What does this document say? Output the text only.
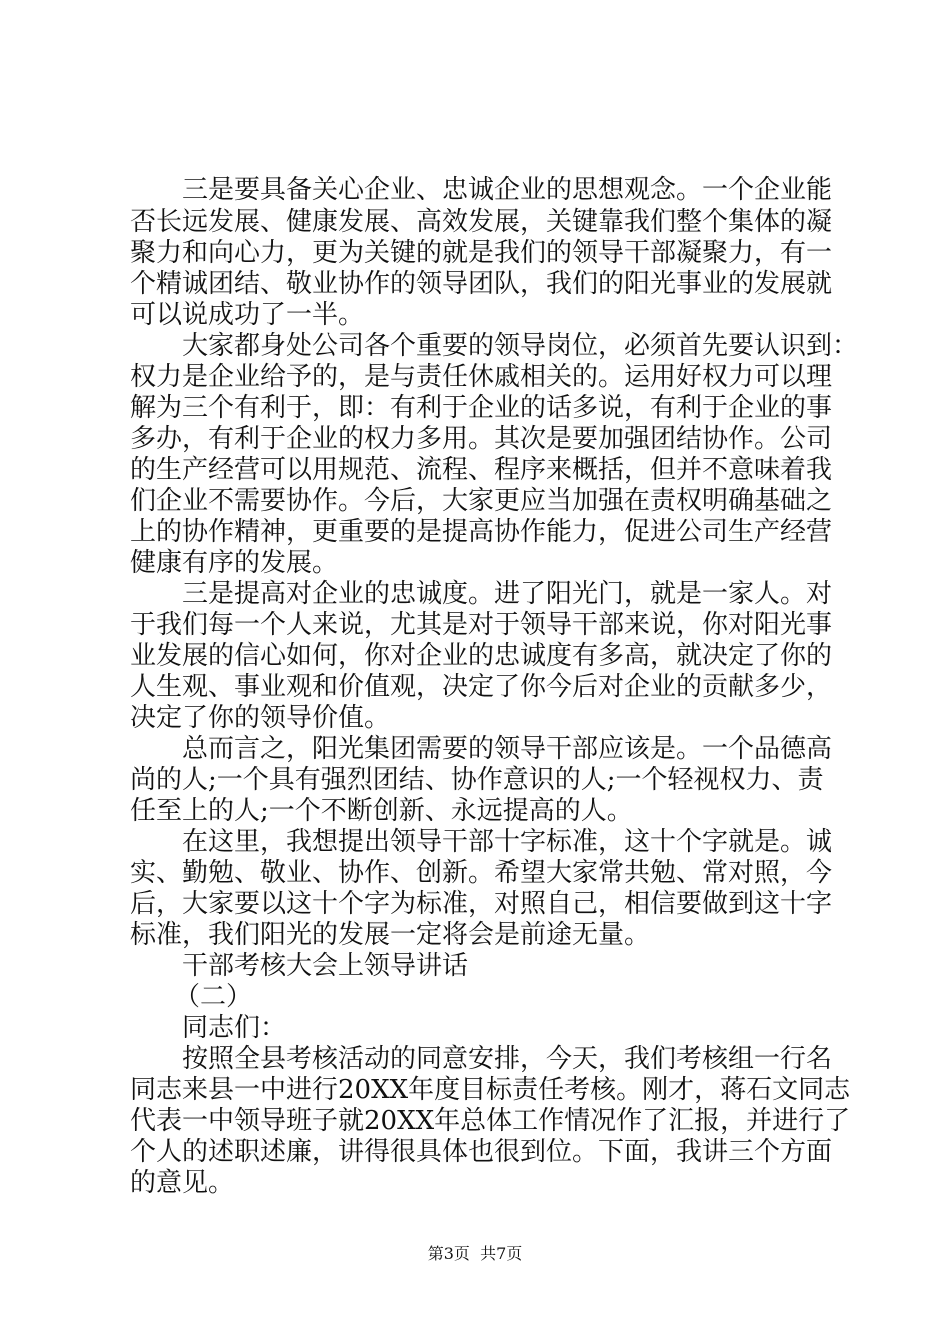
三是要具备关心企业、忠诚企业的思想观念。一个企业能
否长远发展、健康发展、高效发展，关键靠我们整个集体的凝
聚力和向心力，更为关键的就是我们的领导干部凝聚力，有一
个精诚团结、敬业协作的领导团队，我们的阳光事业的发展就
可以说成功了一半。
大家都身处公司各个重要的领导岗位，必须首先要认识到：
权力是企业给予的，是与责任休戚相关的。运用好权力可以理
解为三个有利于，即：有利于企业的话多说，有利于企业的事
多办，有利于企业的权力多用。其次是要加强团结协作。公司
的生产经营可以用规范、流程、程序来概括，但并不意味着我
们企业不需要协作。今后，大家更应当加强在责权明确基础之
上的协作精神，更重要的是提高协作能力，促进公司生产经营
健康有序的发展。
三是提高对企业的忠诚度。进了阳光门，就是一家人。对
于我们每一个人来说，尤其是对于领导干部来说，你对阳光事
业发展的信心如何，你对企业的忠诚度有多高，就决定了你的
人生观、事业观和价值观，决定了你今后对企业的贡献多少，
决定了你的领导价值。
总而言之，阳光集团需要的领导干部应该是。一个品德高
尚的人;一个具有强烈团结、协作意识的人;一个轻视权力、责
任至上的人;一个不断创新、永远提高的人。
在这里，我想提出领导干部十字标准，这十个字就是。诚
实、勤勉、敬业、协作、创新。希望大家常共勉、常对照，今
后，大家要以这十个字为标准，对照自己，相信要做到这十字
标准，我们阳光的发展一定将会是前途无量。
干部考核大会上领导讲话
（二）
同志们：
按照全县考核活动的同意安排，今天，我们考核组一行名
同志来县一中进行20XX年度目标责任考核。刚才，蒋石文同志
代表一中领导班子就20XX年总体工作情况作了汇报，并进行了
个人的述职述廉，讲得很具体也很到位。下面，我讲三个方面
的意见。
第3页  共7页
